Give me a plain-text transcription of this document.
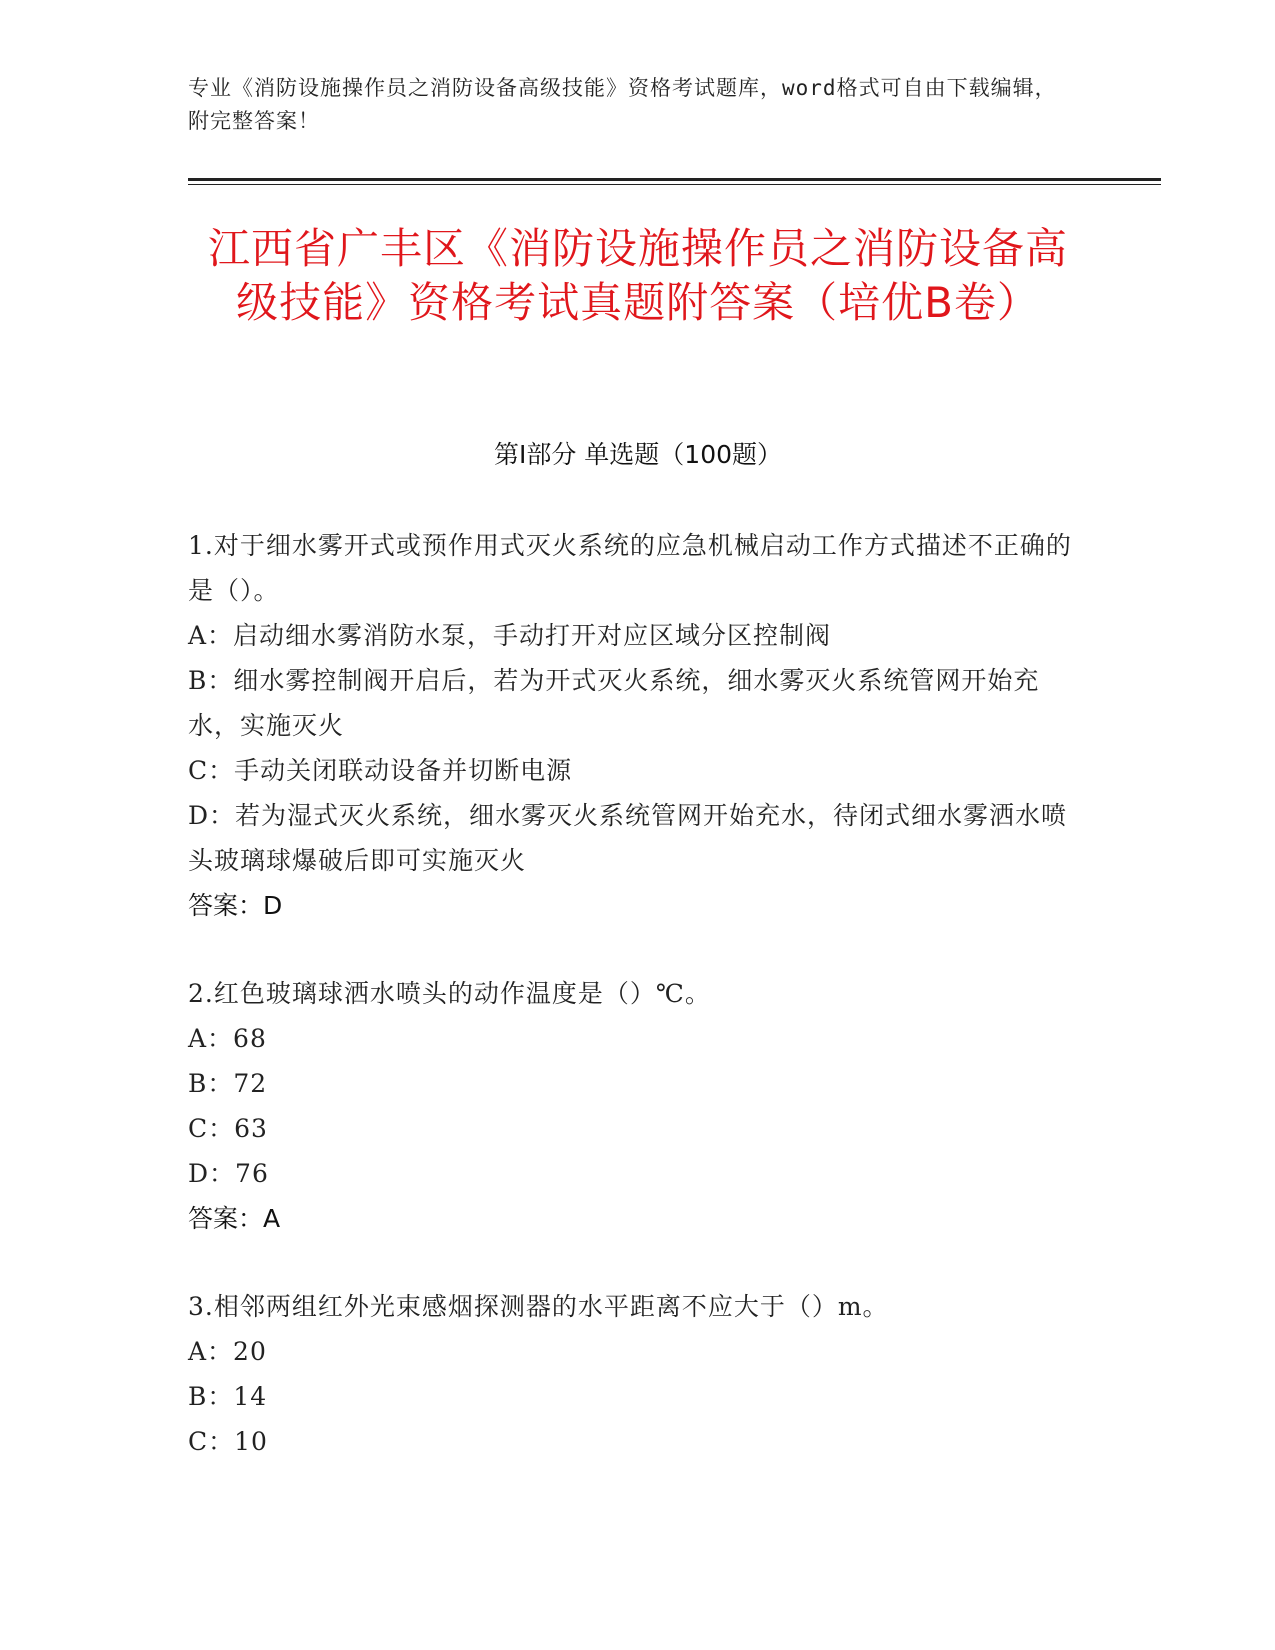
专业《消防设施操作员之消防设备高级技能》资格考试题库，word格式可自由下载编辑，附完整答案！
江西省广丰区《消防设施操作员之消防设备高级技能》资格考试真题附答案（培优B卷）
第Ⅰ部分 单选题（100题）
1.对于细水雾开式或预作用式灭火系统的应急机械启动工作方式描述不正确的是（）。
A：启动细水雾消防水泵，手动打开对应区域分区控制阀
B：细水雾控制阀开启后，若为开式灭火系统，细水雾灭火系统管网开始充水，实施灭火
C：手动关闭联动设备并切断电源
D：若为湿式灭火系统，细水雾灭火系统管网开始充水，待闭式细水雾洒水喷头玻璃球爆破后即可实施灭火
答案：D
2.红色玻璃球洒水喷头的动作温度是（）℃。
A：68
B：72
C：63
D：76
答案：A
3.相邻两组红外光束感烟探测器的水平距离不应大于（）m。
A：20
B：14
C：10
